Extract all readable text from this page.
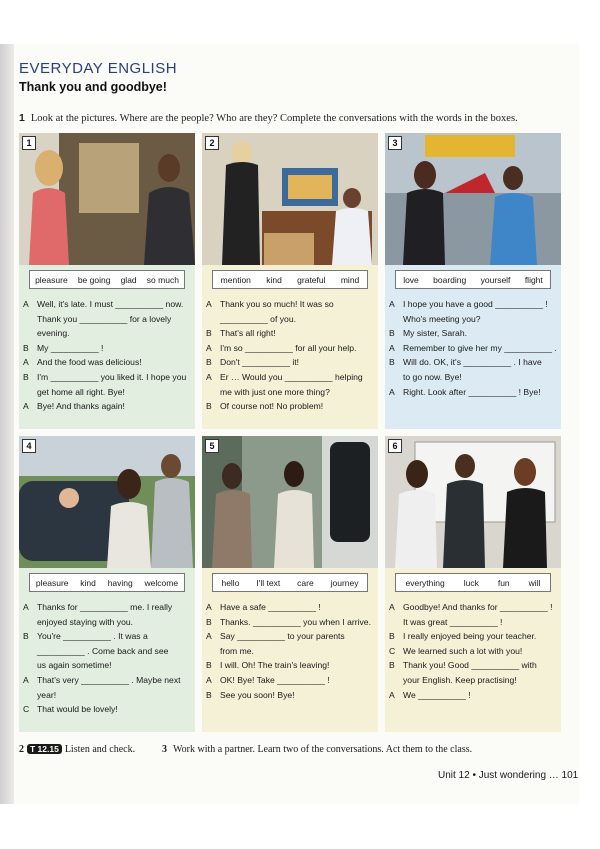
EVERYDAY ENGLISH
Thank you and goodbye!
1 Look at the pictures. Where are the people? Who are they? Complete the conversations with the words in the boxes.
1
pleasure be going glad so much
A Well, it's late. I must __________ now.
Thank you __________ for a lovely
evening.
B My __________ !
A And the food was delicious!
B I'm __________ you liked it. I hope you
get home all right. Bye!
A Bye! And thanks again!
2
mention kind grateful mind
A Thank you so much! It was so
__________ of you.
B That's all right!
A I'm so __________ for all your help.
B Don't __________ it!
A Er … Would you __________ helping
me with just one more thing?
B Of course not! No problem!
3
love boarding yourself flight
A I hope you have a good __________ !
Who's meeting you?
B My sister, Sarah.
A Remember to give her my __________ .
B Will do. OK, it's __________ . I have
to go now. Bye!
A Right. Look after __________ ! Bye!
4
pleasure kind having welcome
A Thanks for __________ me. I really
enjoyed staying with you.
B You're __________ . It was a
__________ . Come back and see
us again sometime!
A That's very __________ . Maybe next
year!
C That would be lovely!
5
hello I'll text care journey
A Have a safe __________ !
B Thanks. __________ you when I arrive.
A Say __________ to your parents
from me.
B I will. Oh! The train's leaving!
A OK! Bye! Take __________ !
B See you soon! Bye!
6
everything luck fun will
A Goodbye! And thanks for __________ !
It was great __________ !
B I really enjoyed being your teacher.
C We learned such a lot with you!
B Thank you! Good __________ with
your English. Keep practising!
A We __________ !
2 T 12.15 Listen and check.	3 Work with a partner. Learn two of the conversations. Act them to the class.
Unit 12 • Just wondering … 101
